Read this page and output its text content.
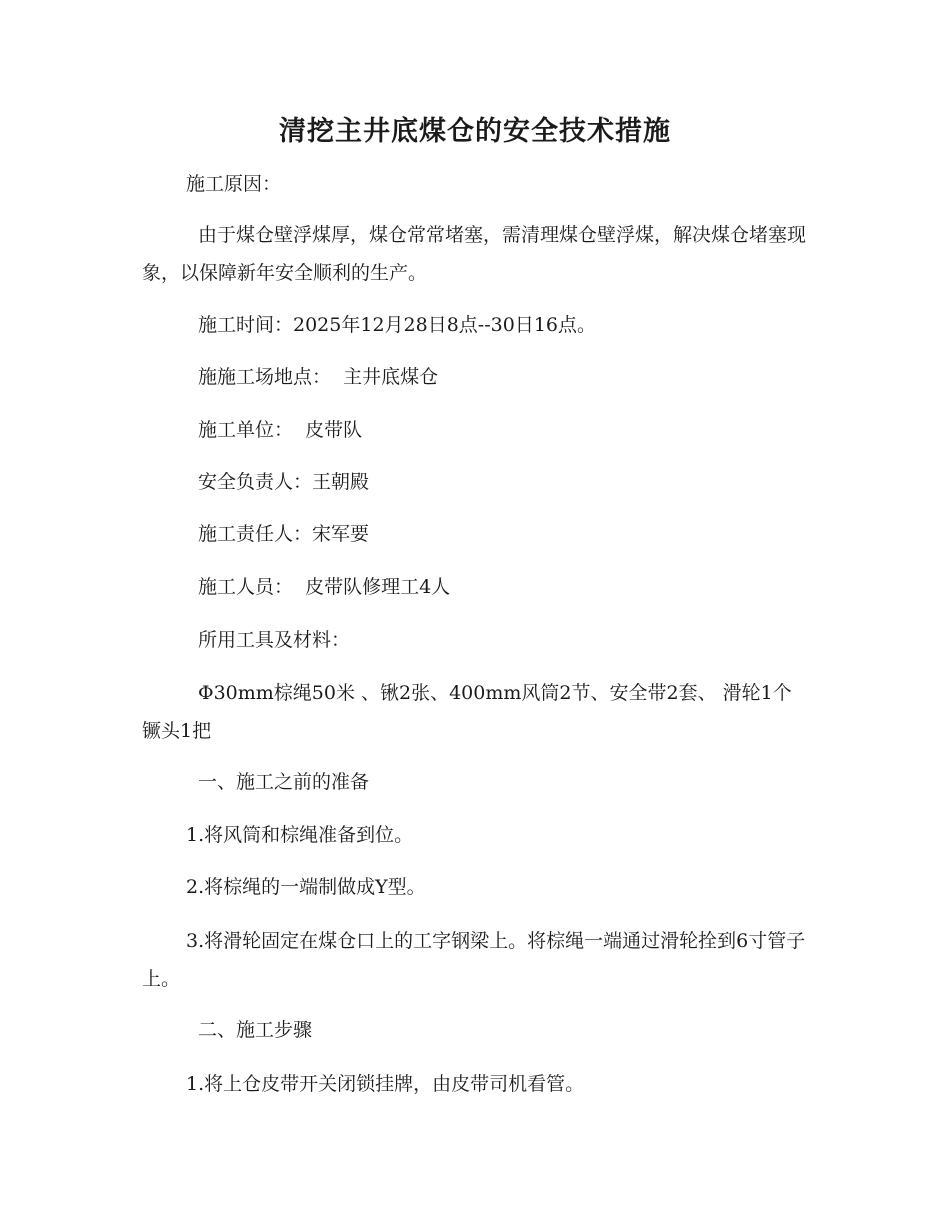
清挖主井底煤仓的安全技术措施

施工原因：

由于煤仓壁浮煤厚，煤仓常常堵塞，需清理煤仓壁浮煤，解决煤仓堵塞现象，以保障新年安全顺利的生产。

施工时间：2025年12月28日8点--30日16点。

施施工场地点：  主井底煤仓

施工单位：  皮带队

安全负责人：王朝殿

施工责任人：宋军要

施工人员：  皮带队修理工4人

所用工具及材料：

Φ30mm棕绳50米 、锹2张、400mm风筒2节、安全带2套、 滑轮1个 镢头1把

一、施工之前的准备

1.将风筒和棕绳准备到位。

2.将棕绳的一端制做成Y型。

3.将滑轮固定在煤仓口上的工字钢梁上。将棕绳一端通过滑轮拴到6寸管子上。

二、施工步骤

1.将上仓皮带开关闭锁挂牌，由皮带司机看管。
